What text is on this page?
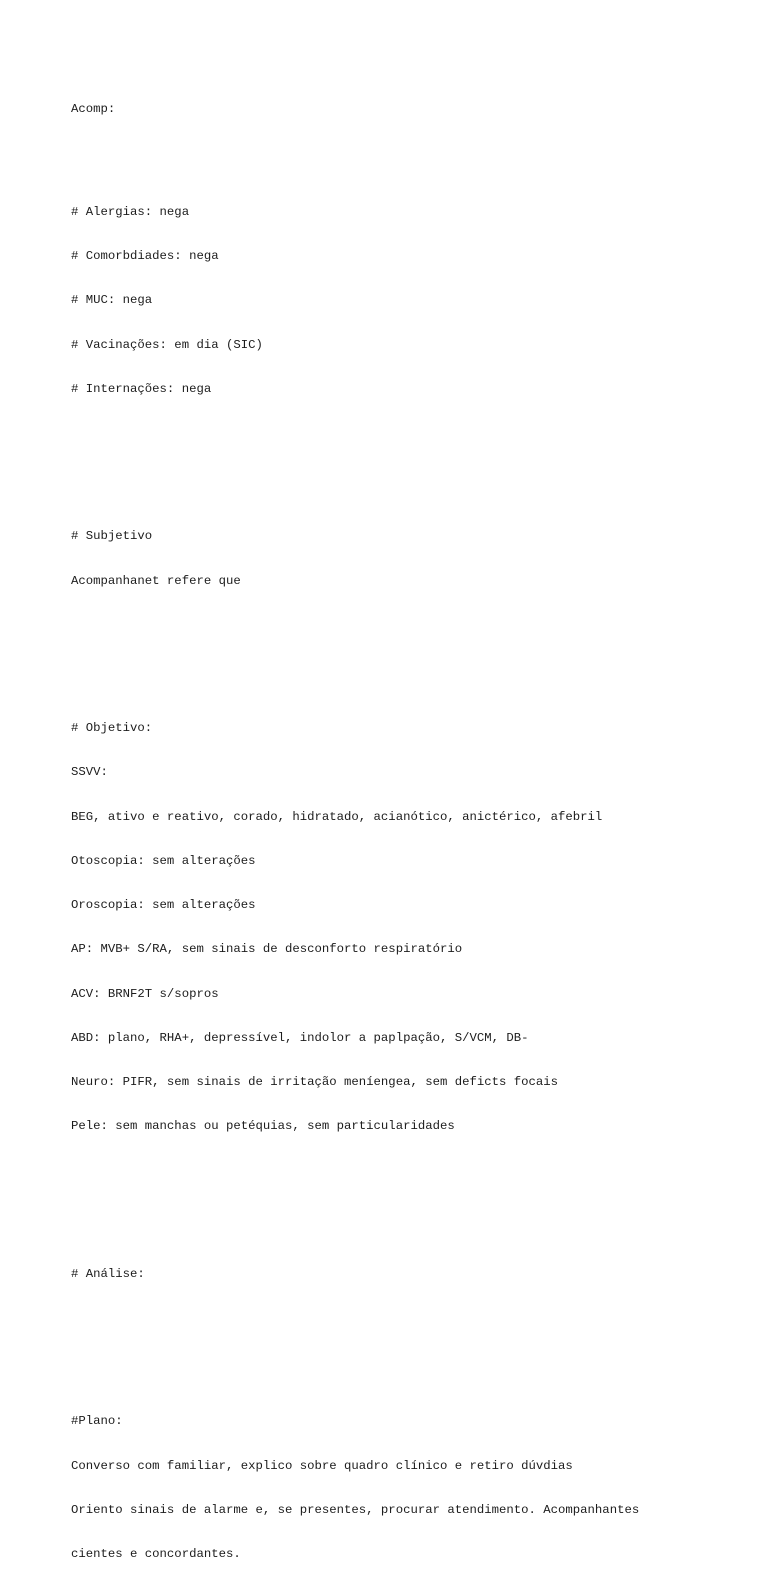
Acomp:

# Alergias: nega

# Comorbdiades: nega

# MUC: nega

# Vacinações: em dia (SIC)

# Internações: nega

# Subjetivo

Acompanhanet refere que

# Objetivo:

SSVV:

BEG, ativo e reativo, corado, hidratado, acianótico, anictérico, afebril

Otoscopia: sem alterações

Oroscopia: sem alterações

AP: MVB+ S/RA, sem sinais de desconforto respiratório

ACV: BRNF2T s/sopros

ABD: plano, RHA+, depressível, indolor a paplpação, S/VCM, DB-

Neuro: PIFR, sem sinais de irritação meníengea, sem deficts focais

Pele: sem manchas ou petéquias, sem particularidades

# Análise:

#Plano:

Converso com familiar, explico sobre quadro clínico e retiro dúvdias

Oriento sinais de alarme e, se presentes, procurar atendimento. Acompanhantes

cientes e concordantes.
